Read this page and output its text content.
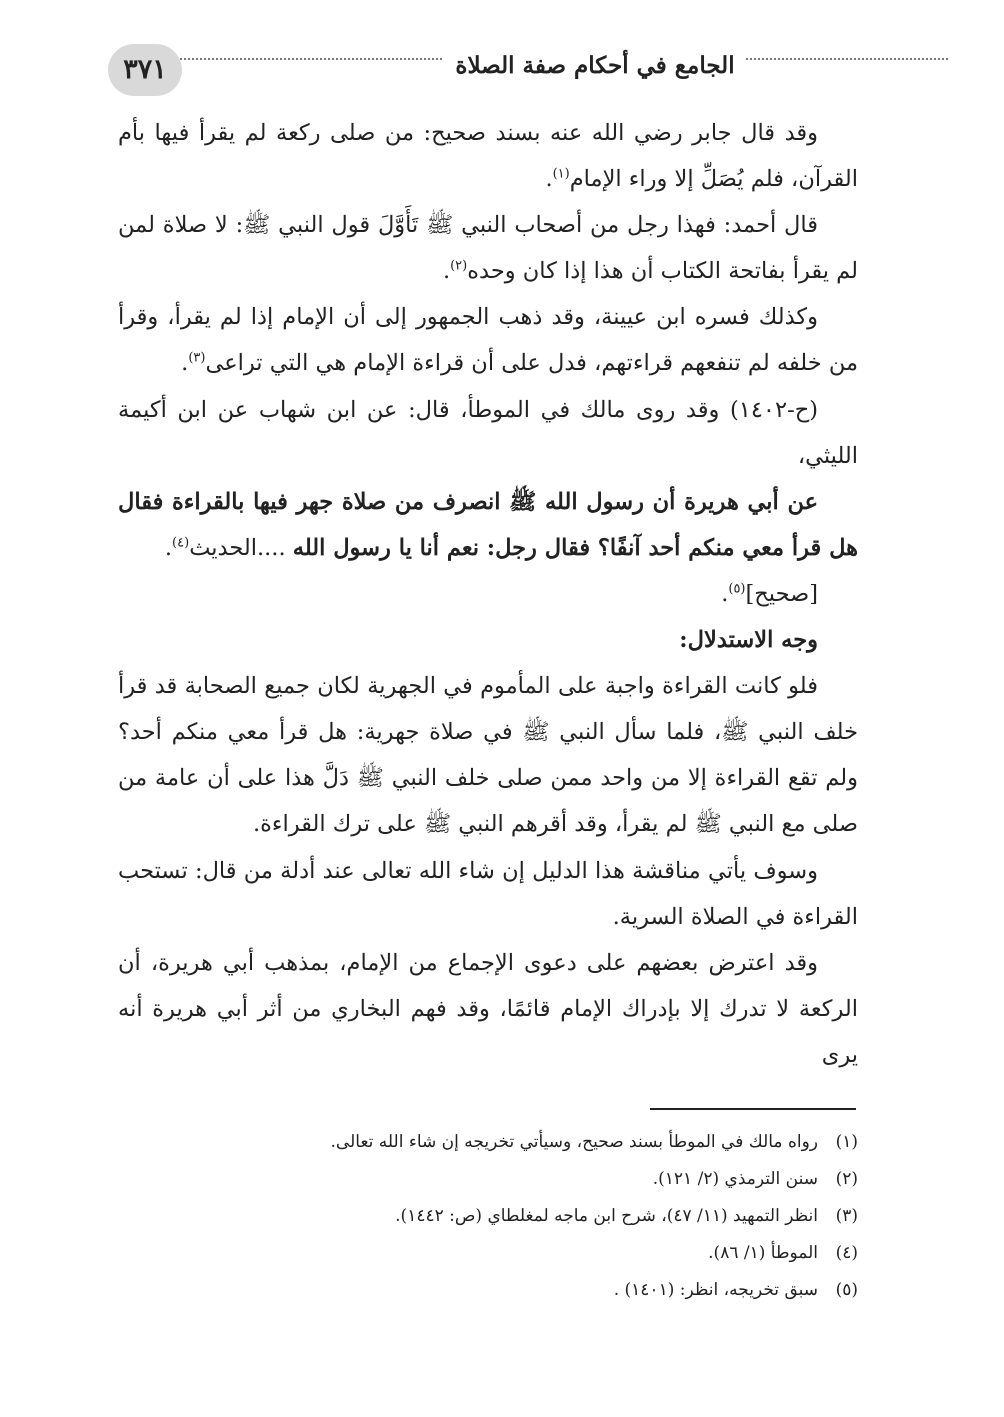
٣٧١	الجامع في أحكام صفة الصلاة

وقد قال جابر رضي الله عنه بسند صحيح: من صلى ركعة لم يقرأ فيها بأم القرآن، فلم يُصَلِّ إلا وراء الإمام$^{(١)}$.

قال أحمد: فهذا رجل من أصحاب النبي ﷺ تَأَوَّلَ قول النبي ﷺ: لا صلاة لمن لم يقرأ بفاتحة الكتاب أن هذا إذا كان وحده$^{(٢)}$.

وكذلك فسره ابن عيينة، وقد ذهب الجمهور إلى أن الإمام إذا لم يقرأ، وقرأ من خلفه لم تنفعهم قراءتهم، فدل على أن قراءة الإمام هي التي تراعى$^{(٣)}$.

(ح-١٤٠٢) وقد روى مالك في الموطأ، قال: عن ابن شهاب عن ابن أكيمة الليثي،

عن أبي هريرة أن رسول الله ﷺ انصرف من صلاة جهر فيها بالقراءة فقال هل قرأ معي منكم أحد آنفًا؟ فقال رجل: نعم أنا يا رسول الله ....الحديث$^{(٤)}$.

[صحيح]$^{(٥)}$.

وجه الاستدلال:

فلو كانت القراءة واجبة على المأموم في الجهرية لكان جميع الصحابة قد قرأ خلف النبي ﷺ، فلما سأل النبي ﷺ في صلاة جهرية: هل قرأ معي منكم أحد؟ ولم تقع القراءة إلا من واحد ممن صلى خلف النبي ﷺ دَلَّ هذا على أن عامة من صلى مع النبي ﷺ لم يقرأ، وقد أقرهم النبي ﷺ على ترك القراءة.

وسوف يأتي مناقشة هذا الدليل إن شاء الله تعالى عند أدلة من قال: تستحب القراءة في الصلاة السرية.

وقد اعترض بعضهم على دعوى الإجماع من الإمام، بمذهب أبي هريرة، أن الركعة لا تدرك إلا بإدراك الإمام قائمًا، وقد فهم البخاري من أثر أبي هريرة أنه يرى

(١)رواه مالك في الموطأ بسند صحيح، وسيأتي تخريجه إن شاء الله تعالى.

(٢)سنن الترمذي (٢/ ١٢١).

(٣)انظر التمهيد (١١/ ٤٧)، شرح ابن ماجه لمغلطاي (ص: ١٤٤٢).

(٤)الموطأ (١/ ٨٦).

(٥)سبق تخريجه، انظر: (١٤٠١) .
